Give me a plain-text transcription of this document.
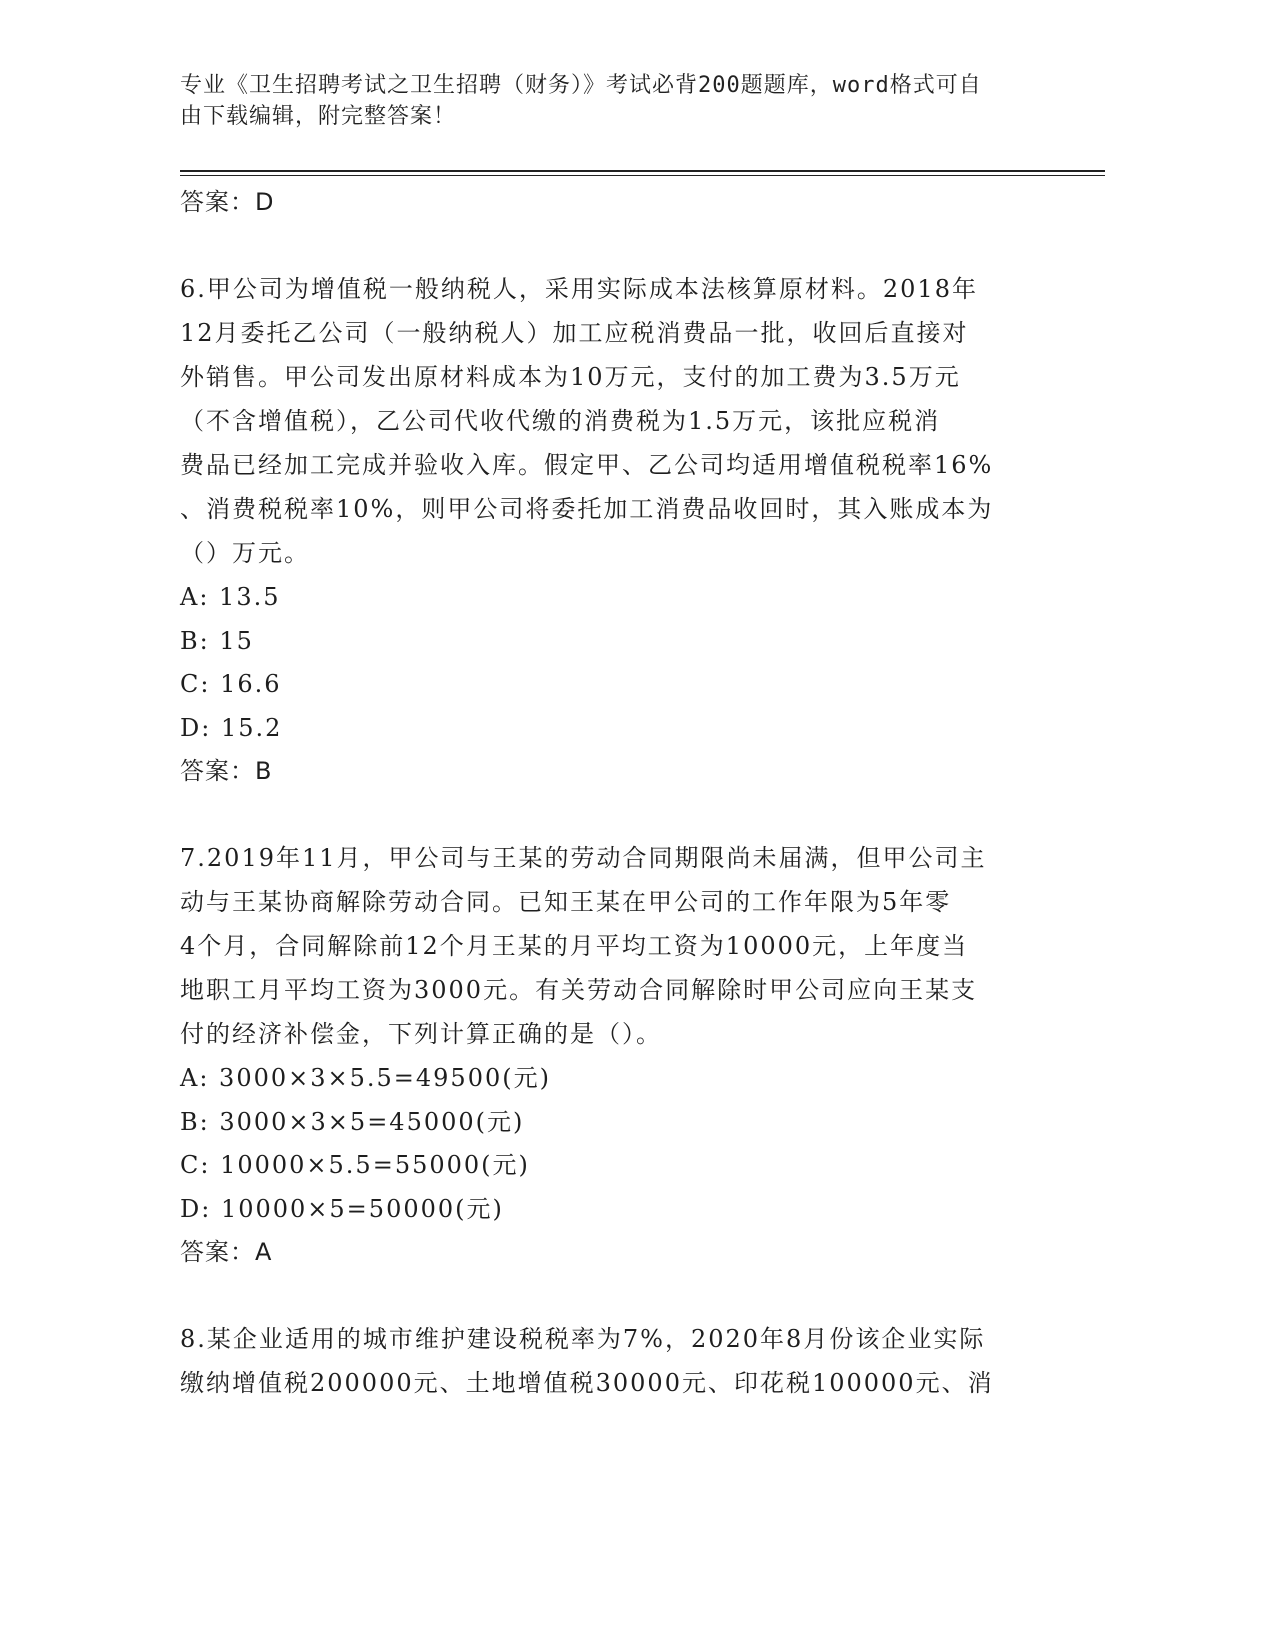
专业《卫生招聘考试之卫生招聘（财务）》考试必背200题题库，word格式可自

由下载编辑，附完整答案！

答案：D
6.甲公司为增值税一般纳税人，采用实际成本法核算原材料。2018年
12月委托乙公司（一般纳税人）加工应税消费品一批，收回后直接对
外销售。甲公司发出原材料成本为10万元，支付的加工费为3.5万元
（不含增值税），乙公司代收代缴的消费税为1.5万元，该批应税消
费品已经加工完成并验收入库。假定甲、乙公司均适用增值税税率16%
、消费税税率10%，则甲公司将委托加工消费品收回时，其入账成本为
（）万元。
A: 13.5
B: 15
C: 16.6
D: 15.2
答案：B
7.2019年11月，甲公司与王某的劳动合同期限尚未届满，但甲公司主
动与王某协商解除劳动合同。已知王某在甲公司的工作年限为5年零
4个月，合同解除前12个月王某的月平均工资为10000元，上年度当
地职工月平均工资为3000元。有关劳动合同解除时甲公司应向王某支
付的经济补偿金，下列计算正确的是（）。
A: 3000×3×5.5=49500(元)
B: 3000×3×5=45000(元)
C: 10000×5.5=55000(元)
D: 10000×5=50000(元)
答案：A
8.某企业适用的城市维护建设税税率为7%，2020年8月份该企业实际
缴纳增值税200000元、土地增值税30000元、印花税100000元、消
